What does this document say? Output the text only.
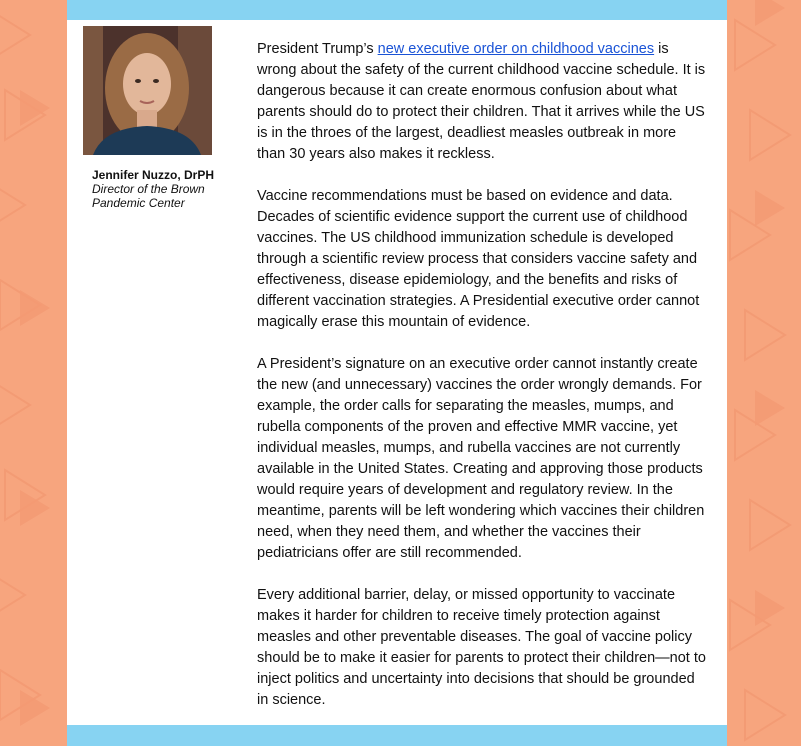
Jennifer Nuzzo, DrPH
Director of the Brown Pandemic Center

President Trump’s new executive order on childhood vaccines is wrong about the safety of the current childhood vaccine schedule. It is dangerous because it can create enormous confusion about what parents should do to protect their children. That it arrives while the US is in the throes of the largest, deadliest measles outbreak in more than 30 years also makes it reckless.

Vaccine recommendations must be based on evidence and data. Decades of scientific evidence support the current use of childhood vaccines. The US childhood immunization schedule is developed through a scientific review process that considers vaccine safety and effectiveness, disease epidemiology, and the benefits and risks of different vaccination strategies. A Presidential executive order cannot magically erase this mountain of evidence.

A President’s signature on an executive order cannot instantly create the new (and unnecessary) vaccines the order wrongly demands. For example, the order calls for separating the measles, mumps, and rubella components of the proven and effective MMR vaccine, yet individual measles, mumps, and rubella vaccines are not currently available in the United States. Creating and approving those products would require years of development and regulatory review. In the meantime, parents will be left wondering which vaccines their children need, when they need them, and whether the vaccines their pediatricians offer are still recommended.

Every additional barrier, delay, or missed opportunity to vaccinate makes it harder for children to receive timely protection against measles and other preventable diseases. The goal of vaccine policy should be to make it easier for parents to protect their children—not to inject politics and uncertainty into decisions that should be grounded in science.
